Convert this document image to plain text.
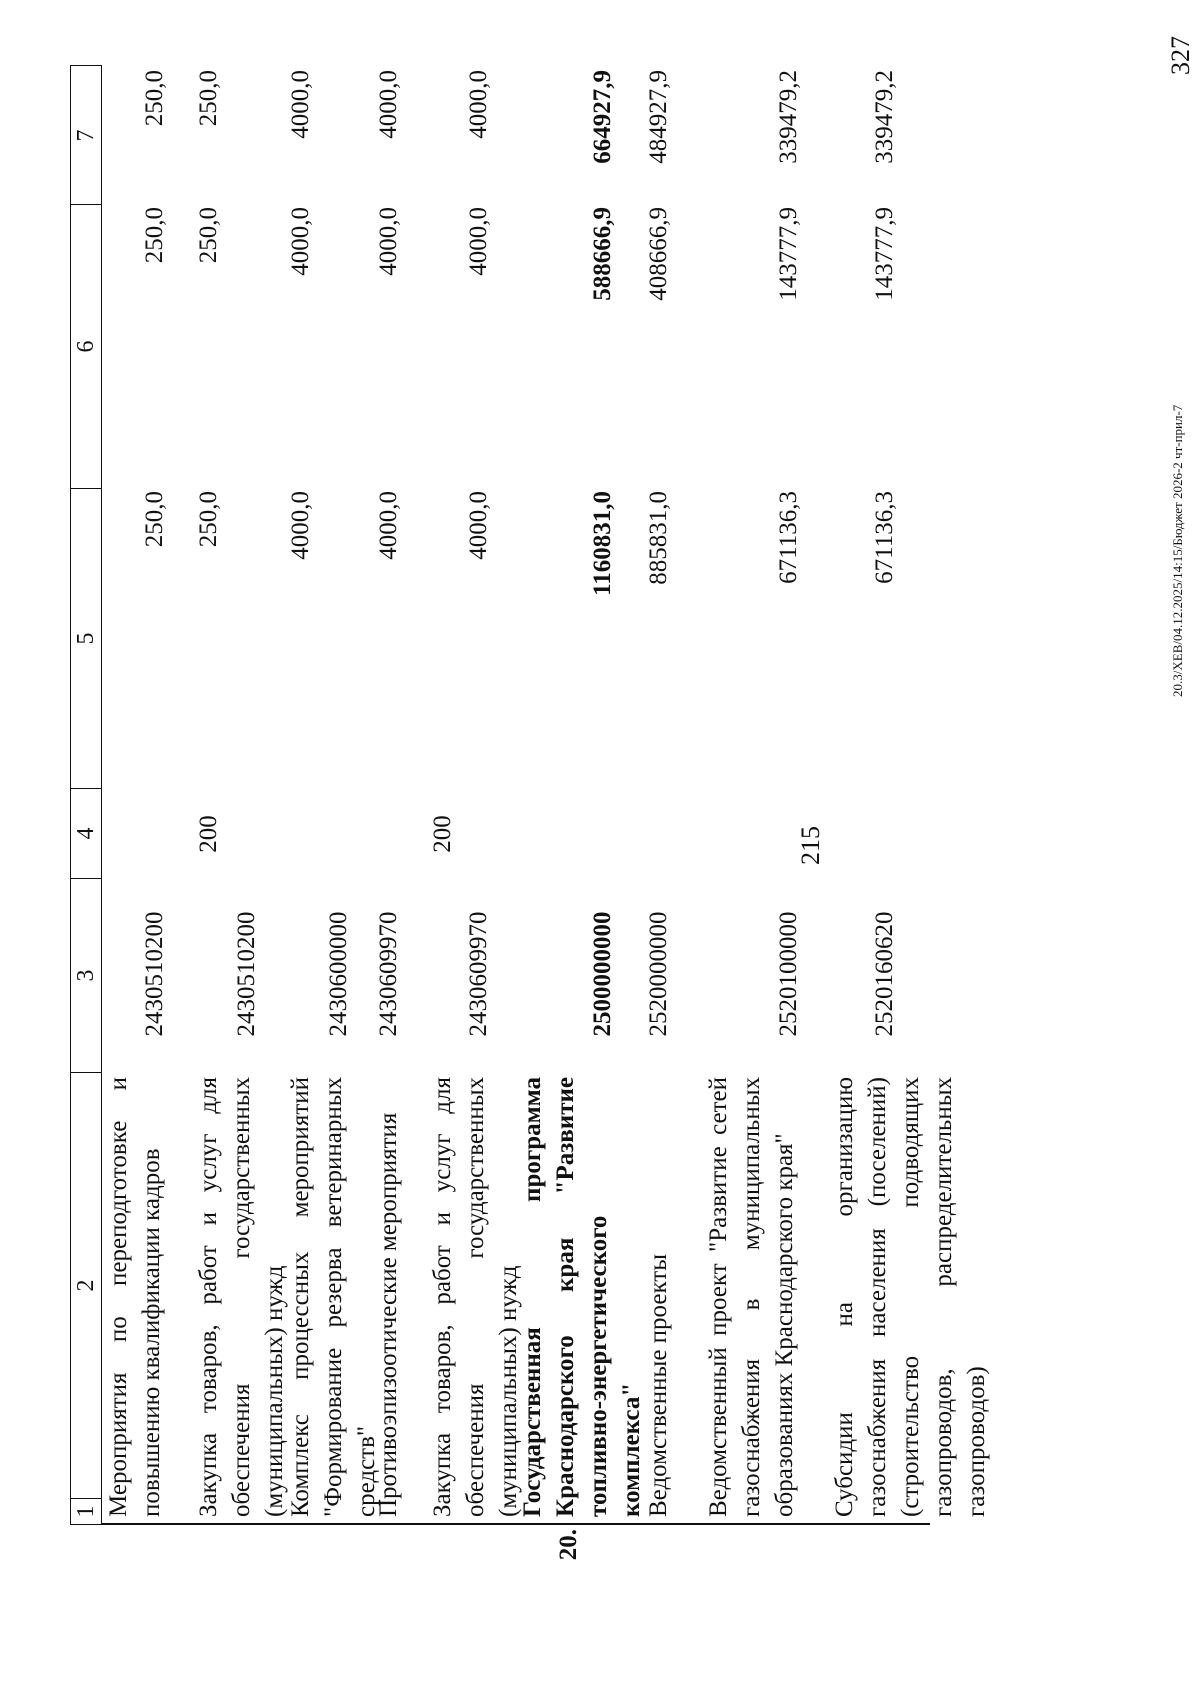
215
1
2
3
4
5
6
7
Мероприятия по переподготовке и повышению квалификации кадров
2430510200
250,0
250,0
250,0
Закупка товаров, работ и услуг для обеспечения государственных (муниципальных) нужд
2430510200
200
250,0
250,0
250,0
Комплекс процессных мероприятий "Формирование резерва ветеринарных средств"
2430600000
4000,0
4000,0
4000,0
Противоэпизоотические мероприятия
2430609970
4000,0
4000,0
4000,0
Закупка товаров, работ и услуг для обеспечения государственных (муниципальных) нужд
2430609970
200
4000,0
4000,0
4000,0
20.
Государственная программа Краснодарского края "Развитие топливно-энергетического комплекса"
2500000000
1160831,0
588666,9
664927,9
Ведомственные проекты
2520000000
885831,0
408666,9
484927,9
Ведомственный проект "Развитие сетей газоснабжения в муниципальных образованиях Краснодарского края"
2520100000
671136,3
143777,9
339479,2
Субсидии на организацию газоснабжения населения (поселений) (строительство подводящих газопроводов, распределительных газопроводов)
2520160620
671136,3
143777,9
339479,2
20.3/ХЕВ/04.12.2025/14:15/Бюджет 2026-2 чт-прил-7
327
